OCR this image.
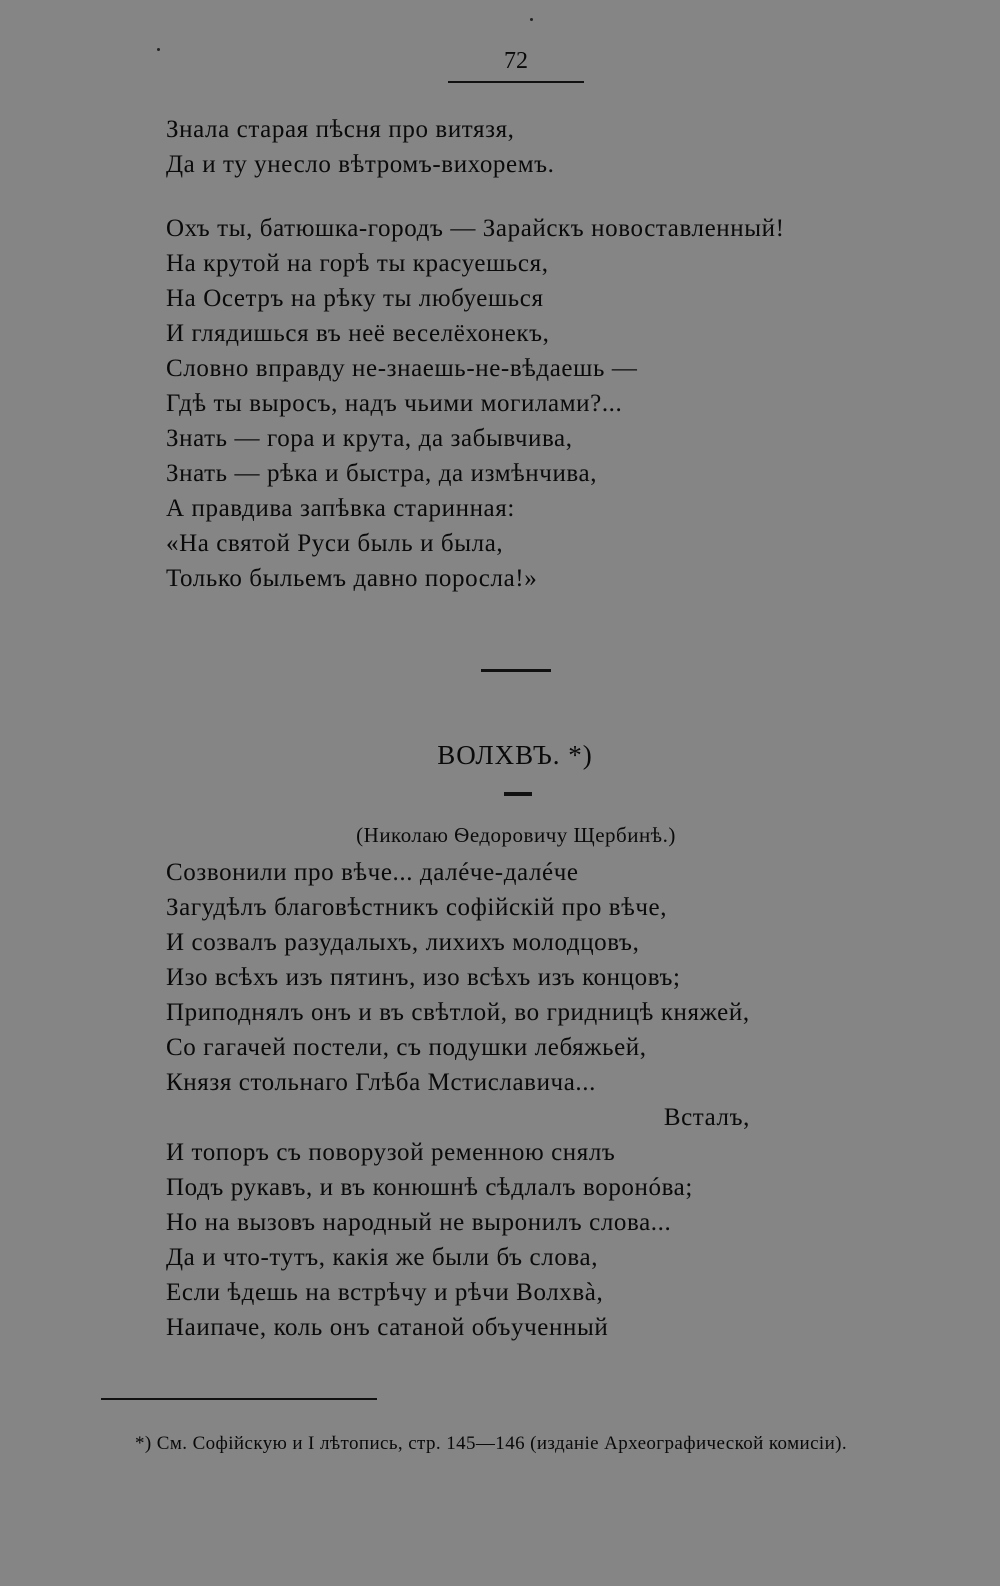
72
Знала старая пѣсня про витязя,
Да и ту унесло вѣтромъ-вихоремъ.
Охъ ты, батюшка-городъ — Зарайскъ новоставленный!
На крутой на горѣ ты красуешься,
На Осетръ на рѣку ты любуешься
И глядишься въ неё веселёхонекъ,
Словно вправду не-знаешь-не-вѣдаешь —
Гдѣ ты выросъ, надъ чьими могилами?...
Знать — гора и крута, да забывчива,
Знать — рѣка и быстра, да измѣнчива,
А правдива запѣвка старинная:
«На святой Руси быль и была,
Только быльемъ давно поросла!»
ВОЛХВЪ. *)
(Николаю Ѳедоровичу Щербинѣ.)
Созвонили про вѣче... далéче-далéче
Загудѣлъ благовѣстникъ софійскій про вѣче,
И созвалъ разудалыхъ, лихихъ молодцовъ,
Изо всѣхъ изъ пятинъ, изо всѣхъ изъ концовъ;
Приподнялъ онъ и въ свѣтлой, во гридницѣ княжей,
Со гагачей постели, съ подушки лебяжьей,
Князя стольнаго Глѣба Мстиславича...
Всталъ,
И топоръ съ поворузой ременною снялъ
Подъ рукавъ, и въ конюшнѣ сѣдлалъ воронóва;
Но на вызовъ народный не выронилъ слова...
Да и что-тутъ, какія же были бъ слова,
Если ѣдешь на встрѣчу и рѣчи Волхвà,
Наипаче, коль онъ сатаной объученный
*) См. Софійскую и I лѣтопись, стр. 145—146 (изданіе Археографической комисіи).
